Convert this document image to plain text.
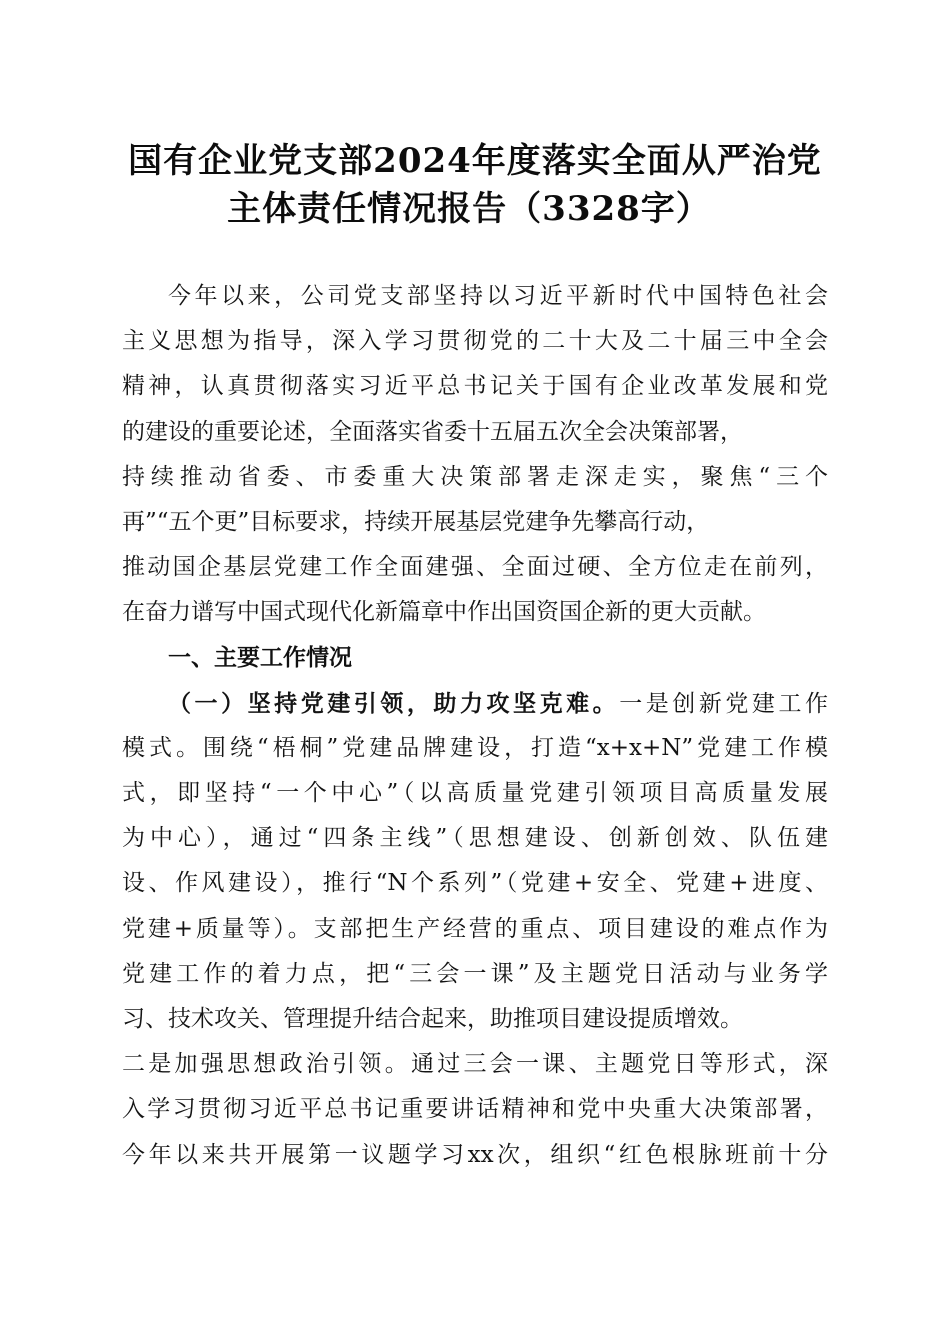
国有企业党支部2024年度落实全面从严治党
主体责任情况报告（3328字）
今年以来，公司党支部坚持以习近平新时代中国特色社会
主义思想为指导，深入学习贯彻党的二十大及二十届三中全会
精神，认真贯彻落实习近平总书记关于国有企业改革发展和党
的建设的重要论述，全面落实省委十五届五次全会决策部署，
持续推动省委、市委重大决策部署走深走实，聚焦“三个
再”“五个更”目标要求，持续开展基层党建争先攀高行动，
推动国企基层党建工作全面建强、全面过硬、全方位走在前列，
在奋力谱写中国式现代化新篇章中作出国资国企新的更大贡献。
一、主要工作情况
（一）坚持党建引领，助力攻坚克难。一是创新党建工作
模式。围绕“梧桐”党建品牌建设，打造“x+x+N”党建工作模
式，即坚持“一个中心”（以高质量党建引领项目高质量发展
为中心），通过“四条主线”（思想建设、创新创效、队伍建
设、作风建设），推行“N个系列”（党建+安全、党建+进度、
党建+质量等）。支部把生产经营的重点、项目建设的难点作为
党建工作的着力点，把“三会一课”及主题党日活动与业务学
习、技术攻关、管理提升结合起来，助推项目建设提质增效。
二是加强思想政治引领。通过三会一课、主题党日等形式，深
入学习贯彻习近平总书记重要讲话精神和党中央重大决策部署，
今年以来共开展第一议题学习xx次，组织“红色根脉班前十分
